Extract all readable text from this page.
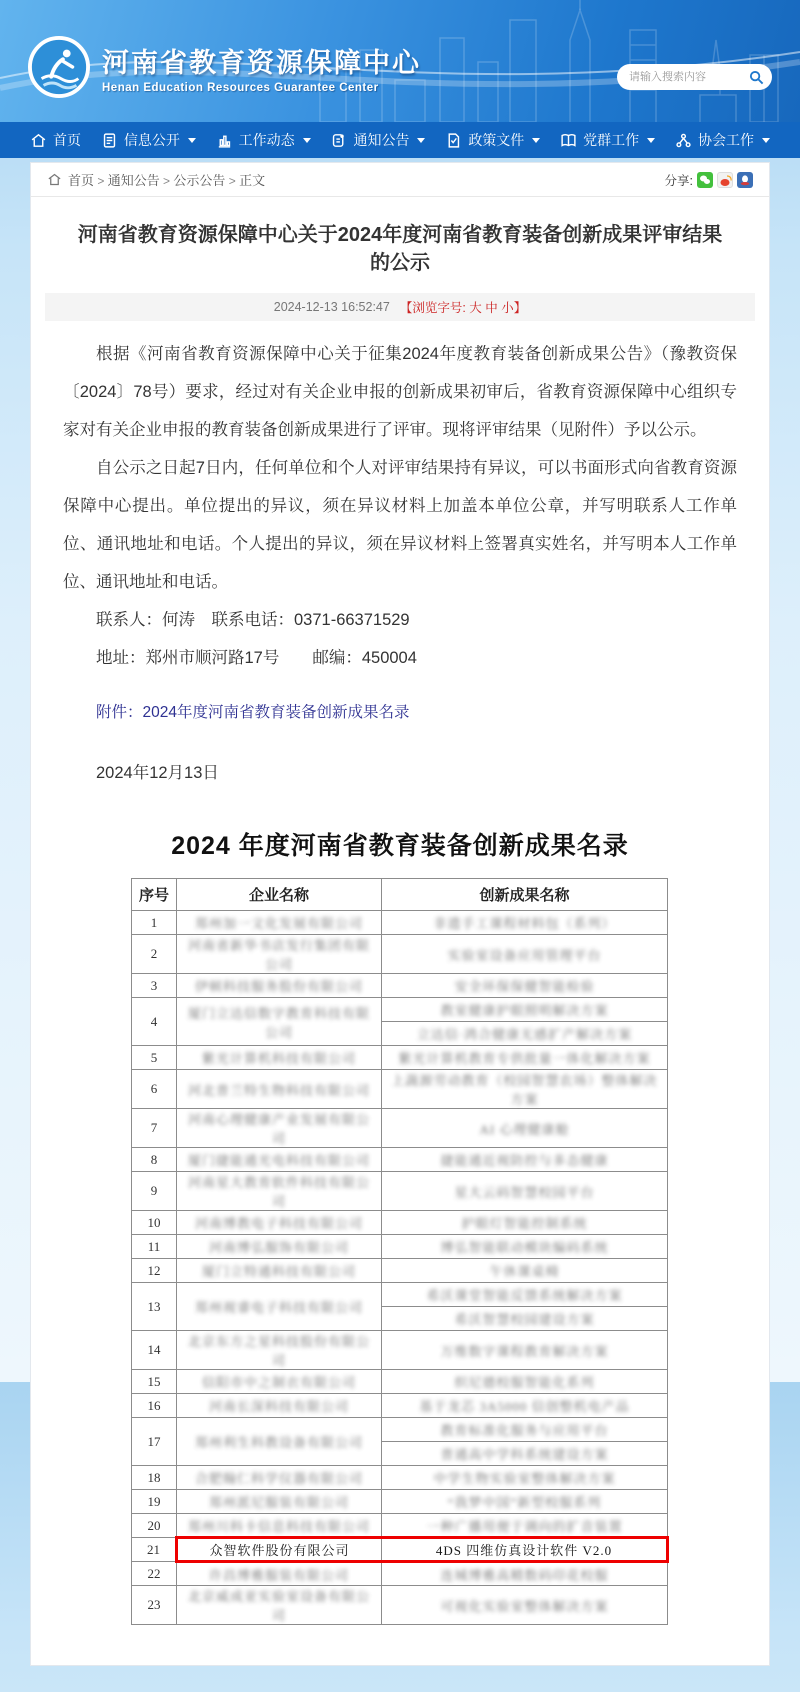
河南省教育资源保障中心
Henan Education Resources Guarantee Center
请输入搜索内容
首页	信息公开	工作动态	通知公告	政策文件	党群工作	协会工作
首页 > 通知公告 > 公示公告 > 正文	分享:
河南省教育资源保障中心关于2024年度河南省教育装备创新成果评审结果的公示
2024-12-13 16:52:47 【浏览字号: 大 中 小】

根据《河南省教育资源保障中心关于征集2024年度教育装备创新成果公告》（豫教资保〔2024〕78号）要求，经过对有关企业申报的创新成果初审后，省教育资源保障中心组织专家对有关企业申报的教育装备创新成果进行了评审。现将评审结果（见附件）予以公示。

自公示之日起7日内，任何单位和个人对评审结果持有异议，可以书面形式向省教育资源保障中心提出。单位提出的异议，须在异议材料上加盖本单位公章，并写明联系人工作单位、通讯地址和电话。个人提出的异议，须在异议材料上签署真实姓名，并写明本人工作单位、通讯地址和电话。

联系人：何涛　联系电话：0371-66371529

地址：郑州市顺河路17号　　邮编：450004

附件：2024年度河南省教育装备创新成果名录

2024年12月13日

2024 年度河南省教育装备创新成果名录
序号	企业名称	创新成果名称
1	郑州加一文化发展有限公司	非遗手工课程材料包（系列）
2	河南省新华书店发行集团有限公司	实验室设备应用管理平台
3	伊顿科技服务股份有限公司	安全环保保健智能检验
4	厦门立达信数字教育科技有限公司	教室健康护眼照明解决方案
		立达信·鸿合健康无感扩产解决方案
5	紫光计算机科技有限公司	紫光计算机教育专供批量一体化解决方案
6	河北普兰特生物科技有限公司	上蔬源劳动教育（校园智慧农场）整体解决方案
7	河南心理健康产业发展有限公司	AI 心理健康舱
8	厦门捷能通光电科技有限公司	捷能通近视防控与多态健康
9	河南星大教育软件科技有限公司	星大云码智慧校园平台
10	河南博教电子科技有限公司	护眼灯智能控制系统
11	河南博弘服饰有限公司	博弘智能联动模块编码系统
12	厦门立特通科技有限公司	午休课桌椅
13	郑州视睿电子科技有限公司	希沃课堂智能反馈系统解决方案
		希沃智慧校园建设方案
14	北京东方之星科技股份有限公司	万维数字课程教育解决方案
15	信阳市中之制衣有限公司	织尼德校服智能化系列
16	河南长深科技有限公司	基于龙芯 3A5000 信创整机电产品
17	郑州利生科教设备有限公司	教育标准化服务与应用平台
		普通高中学科系统建设方案
18	合肥翰仁科学仪器有限公司	中学生物实验室整体解决方案
19	郑州派尼服装有限公司	“我梦中国”新型校服系列
20	郑州川科卡信息科技有限公司	一种广播用便于调向的扩音装置
21	众智软件股份有限公司	4DS 四维仿真设计软件 V2.0
22	许昌博雅服装有限公司	连城博雅高精数码印花校服
23	北京威成亚实验室设备有限公司	可视化实验室整体解决方案
